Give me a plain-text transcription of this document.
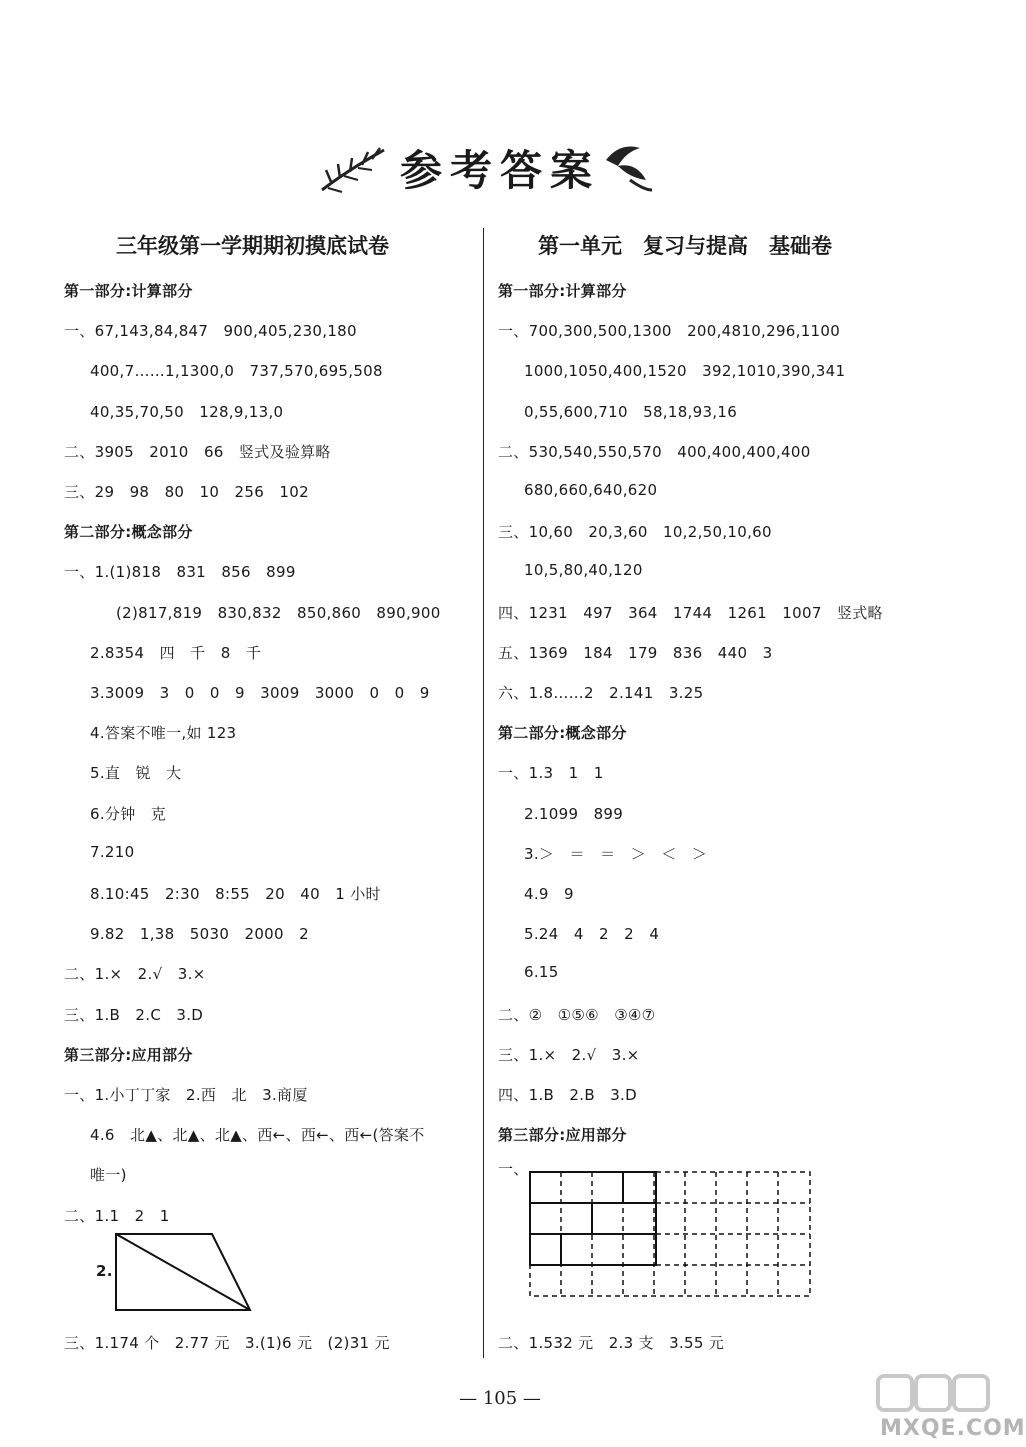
参考答案
三年级第一学期期初摸底试卷
第一部分:计算部分
一、67,143,84,847　900,405,230,180
400,7……1,1300,0　737,570,695,508
40,35,70,50　128,9,13,0
二、3905　2010　66　竖式及验算略
三、29　98　80　10　256　102
第二部分:概念部分
一、1.(1)818　831　856　899
(2)817,819　830,832　850,860　890,900
2.8354　四　千　8　千
3.3009　3　0　0　9　3009　3000　0　0　9
4.答案不唯一,如 123
5.直　锐　大
6.分钟　克
7.210
8.10:45　2:30　8:55　20　40　1 小时
9.82　1,38　5030　2000　2
二、1.×　2.√　3.×
三、1.B　2.C　3.D
第三部分:应用部分
一、1.小丁丁家　2.西　北　3.商厦
4.6　北▲、北▲、北▲、西←、西←、西←(答案不
唯一)
二、1.1　2　1
2.
三、1.174 个　2.77 元　3.(1)6 元　(2)31 元
第一单元　复习与提高　基础卷
第一部分:计算部分
一、700,300,500,1300　200,4810,296,1100
1000,1050,400,1520　392,1010,390,341
0,55,600,710　58,18,93,16
二、530,540,550,570　400,400,400,400
680,660,640,620
三、10,60　20,3,60　10,2,50,10,60
10,5,80,40,120
四、1231　497　364　1744　1261　1007　竖式略
五、1369　184　179　836　440　3
六、1.8……2　2.141　3.25
第二部分:概念部分
一、1.3　1　1
2.1099　899
3.＞　＝　＝　＞　＜　＞
4.9　9
5.24　4　2　2　4
6.15
二、②　①⑤⑥　③④⑦
三、1.×　2.√　3.×
四、1.B　2.B　3.D
第三部分:应用部分
一、
二、1.532 元　2.3 支　3.55 元
— 105 —
MXQE.COM
